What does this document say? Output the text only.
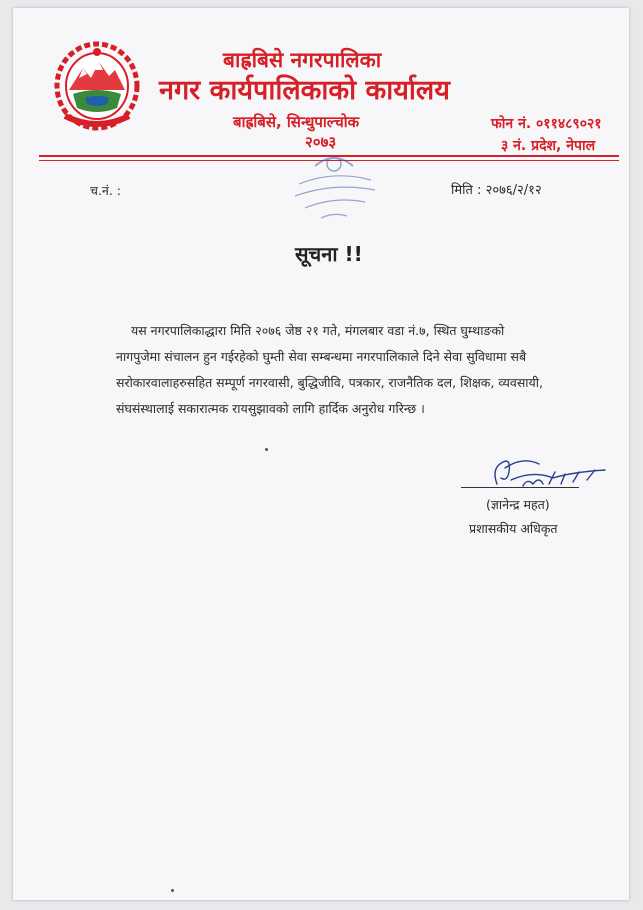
बाह्रबिसे नगरपालिका
नगर कार्यपालिकाको कार्यालय
बाह्रबिसे, सिन्धुपाल्चोक
२०७३
फोन नं. ०११४८९०२१
३ नं. प्रदेश, नेपाल
च.नं. :	मिति : २०७६/२/१२
सूचना !!
यस नगरपालिकाद्धारा मिति २०७६ जेष्ठ २१ गते, मंगलबार वडा नं.७, स्थित घुम्थाङको
नागपुजेमा संचालन हुन गईरहेको घुम्ती सेवा सम्बन्धमा नगरपालिकाले दिने सेवा सुविधामा सबै
सरोकारवालाहरुसहित सम्पूर्ण नगरवासी, बुद्धिजीवि, पत्रकार, राजनैतिक दल, शिक्षक, व्यवसायी,
संघसंस्थालाई सकारात्मक रायसुझावको लागि हार्दिक अनुरोध गरिन्छ ।
(ज्ञानेन्द्र महत)
प्रशासकीय अधिकृत
